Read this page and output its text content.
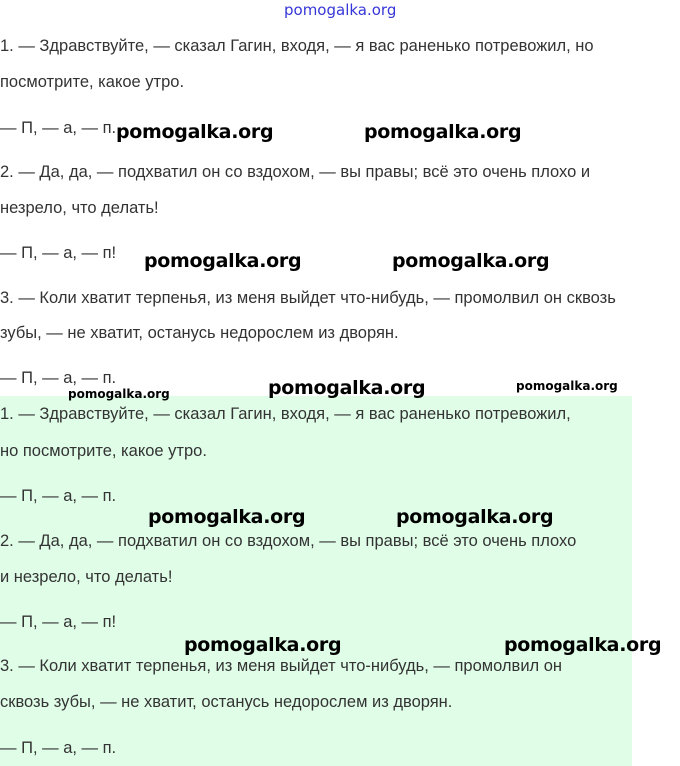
pomogalka.org

1. — Здравствуйте, — сказал Гагин, входя, — я вас раненько потревожил, но

посмотрите, какое утро.

— П, — а, — п.

2. — Да, да, — подхватил он со вздохом, — вы правы; всё это очень плохо и

незрело, что делать!

— П, — а, — п!

3. — Коли хватит терпенья, из меня выйдет что-нибудь, — промолвил он сквозь

зубы, — не хватит, останусь недорослем из дворян.

— П, — а, — п.

1. — Здравствуйте, — сказал Гагин, входя, — я вас раненько потревожил,

но посмотрите, какое утро.

— П, — а, — п.

2. — Да, да, — подхватил он со вздохом, — вы правы; всё это очень плохо

и незрело, что делать!

— П, — а, — п!

3. — Коли хватит терпенья, из меня выйдет что-нибудь, — промолвил он

сквозь зубы, — не хватит, останусь недорослем из дворян.

— П, — а, — п.

pomogalka.org	pomogalka.org
pomogalka.org	pomogalka.org
pomogalka.org	pomogalka.org	pomogalka.org
pomogalka.org	pomogalka.org
pomogalka.org	pomogalka.org
